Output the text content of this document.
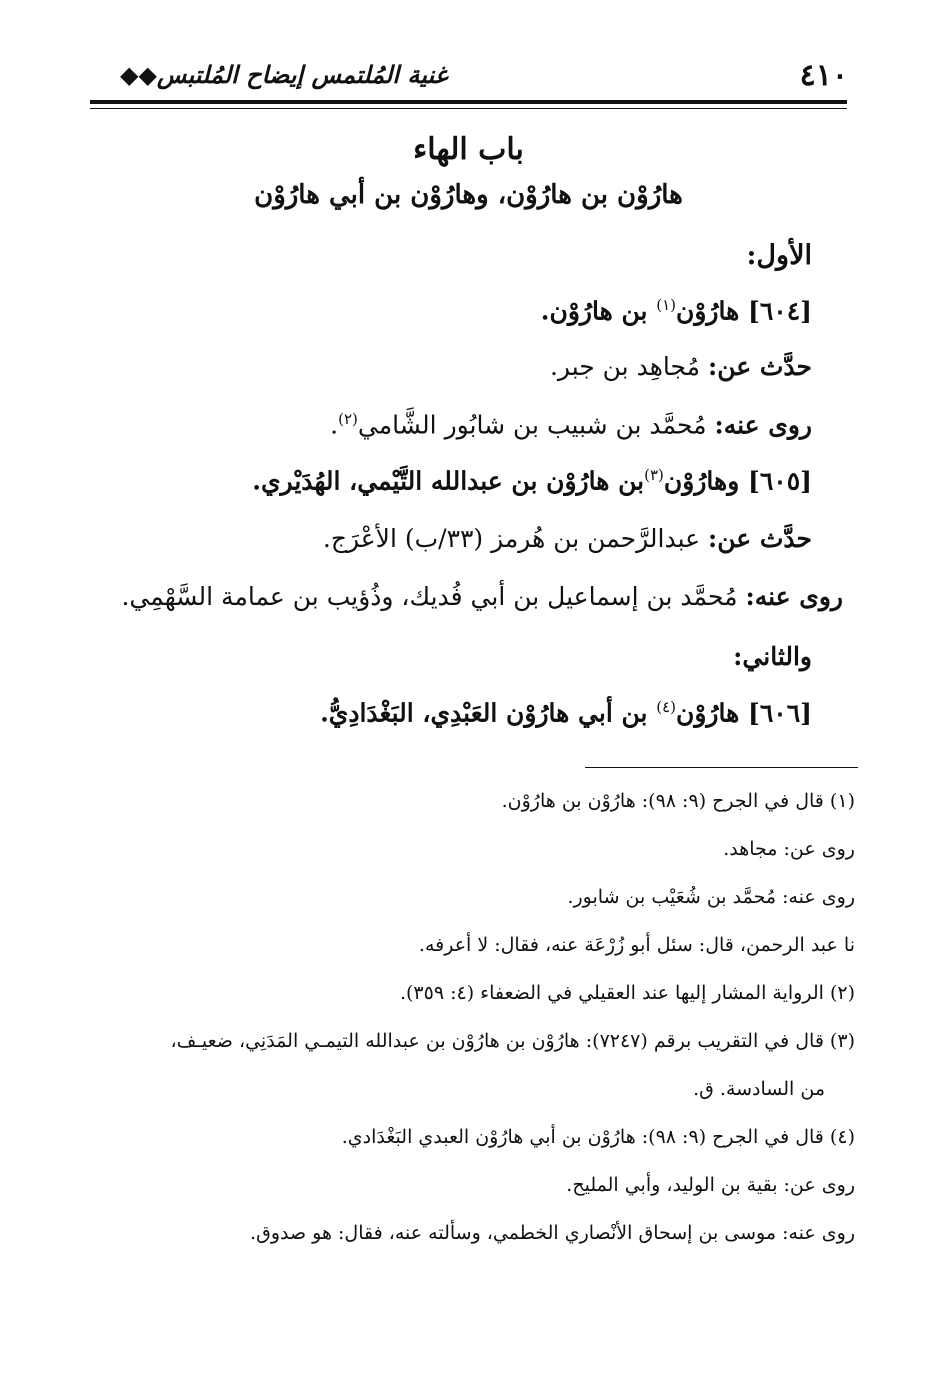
٤١٠
غنية المُلتمس إيضاح المُلتبس◆◆
باب الهاء
هارُوْن بن هارُوْن، وهارُوْن بن أبي هارُوْن
الأول:
[٦٠٤] هارُوْن$^{(١)}$ بن هارُوْن.
حدَّث عن: مُجاهِد بن جبر.
روى عنه: مُحمَّد بن شبيب بن شابُور الشَّامي$^{(٢)}$.
[٦٠٥] وهارُوْن$^{(٣)}$بن هارُوْن بن عبدالله التَّيْمي، الهُدَيْري.
حدَّث عن: عبدالرَّحمن بن هُرمز (٣٣/ب) الأعْرَج.
روى عنه: مُحمَّد بن إسماعيل بن أبي فُديك، وذُؤيب بن عمامة السَّهْمِي.
والثاني:
[٦٠٦] هارُوْن$^{(٤)}$ بن أبي هارُوْن العَبْدِي، البَغْدَادِيُّ.
(١) قال في الجرح (٩: ٩٨): هارُوْن بن هارُوْن.
روى عن: مجاهد.
روى عنه: مُحمَّد بن شُعَيْب بن شابور.
نا عبد الرحمن، قال: سئل أبو زُرْعَة عنه، فقال: لا أعرفه.
(٢) الرواية المشار إليها عند العقيلي في الضعفاء (٤: ٣٥٩).
(٣) قال في التقريب برقم (٧٢٤٧): هارُوْن بن هارُوْن بن عبدالله التيمـي المَدَنِي، ضعيـف،
من السادسة. ق.
(٤) قال في الجرح (٩: ٩٨): هارُوْن بن أبي هارُوْن العبدي البَغْدَادي.
روى عن: بقية بن الوليد، وأبي المليح.
روى عنه: موسى بن إسحاق الأنْصاري الخطمي، وسألته عنه، فقال: هو صدوق.
